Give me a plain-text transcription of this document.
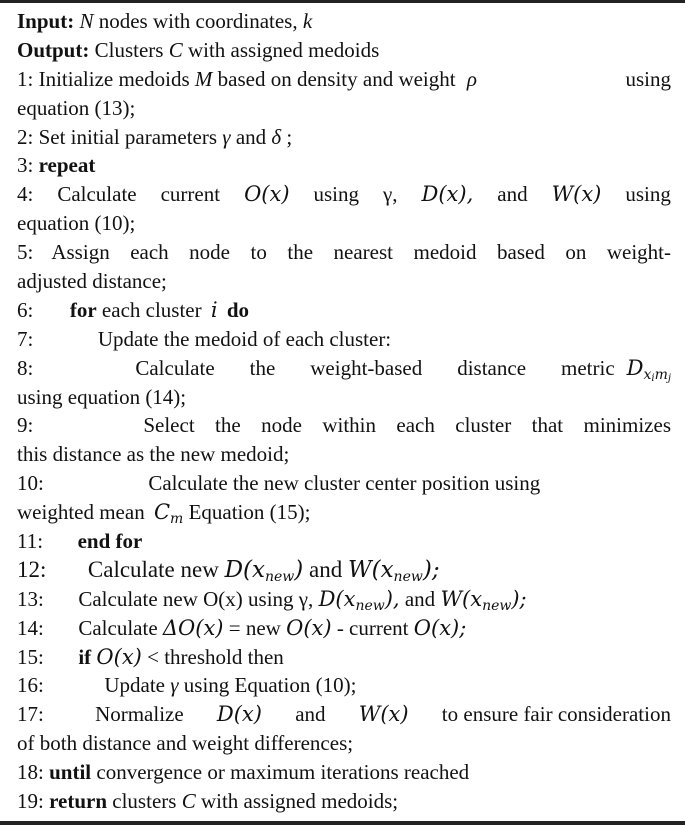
Input: N nodes with coordinates, k
Output: Clusters C with assigned medoids
1: Initialize medoids M based on density and weight ρ	using
equation (13);
2: Set initial parameters γ and δ ;
3: repeat
4: Calculate current O(x) using γ, D(x), and W(x) using
equation (10);
5: Assign each node to the nearest medoid based on weight-
adjusted distance;
6: for each cluster i do
7:	Update the medoid of each cluster:
8:	Calculate the weight-based distance metric $D_{x_im_j}$
using equation (14);
9:	Select the node within each cluster that minimizes
this distance as the new medoid;
10:	Calculate the new cluster center position using
weighted mean $C_m$ Equation (15);
11: end for
12: Calculate new $D(x_{new})$ and $W(x_{new})$;
13: Calculate new O(x) using γ, $D(x_{new})$, and $W(x_{new})$;
14: Calculate ΔO(x) = new O(x) - current O(x);
15: if O(x) < threshold then
16:	Update γ using Equation (10);
17: Normalize D(x) and W(x) to ensure fair consideration
of both distance and weight differences;
18: until convergence or maximum iterations reached
19: return clusters C with assigned medoids;
